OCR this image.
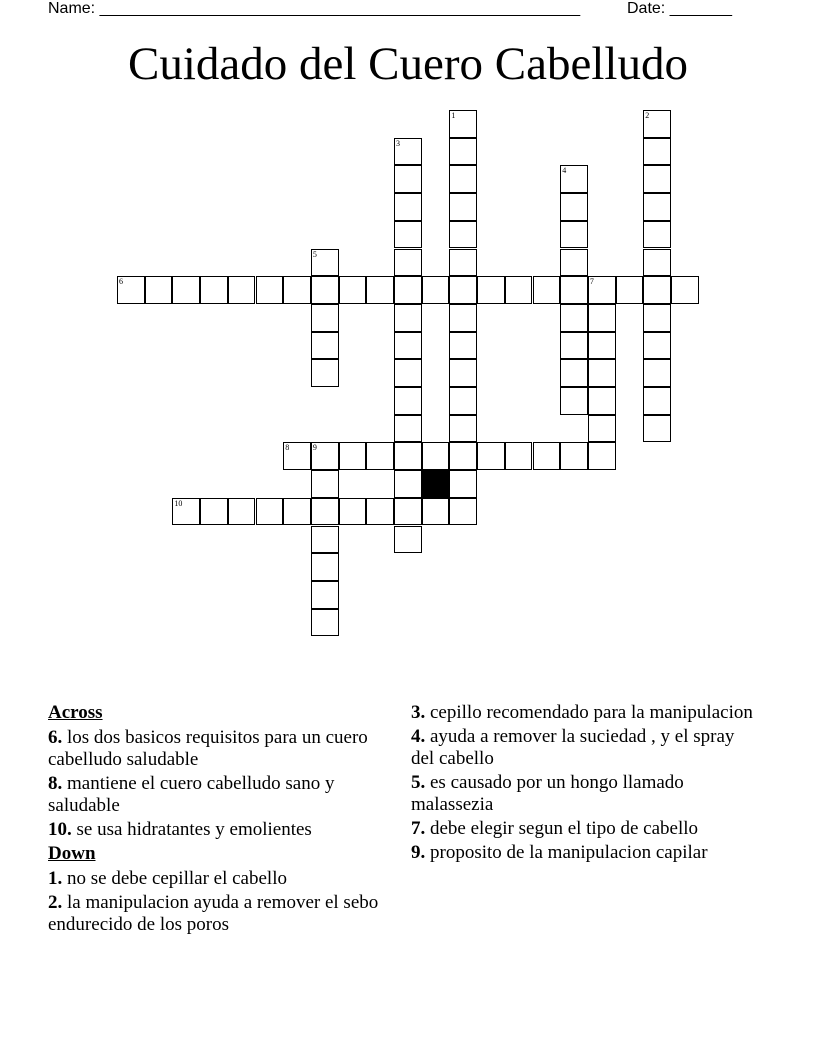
Name: ______________________________________________________	Date: _______
Cuidado del Cuero Cabelludo
1	2
3
4
5
6	7
8	9
10
Across
6. los dos basicos requisitos para un cuero cabelludo saludable
8. mantiene el cuero cabelludo sano y saludable
10. se usa hidratantes y emolientes
Down
1. no se debe cepillar el cabello
2. la manipulacion ayuda a remover el sebo endurecido de los poros
3. cepillo recomendado para la manipulacion
4. ayuda a remover la suciedad , y el spray del cabello
5. es causado por un hongo llamado malassezia
7. debe elegir segun el tipo de cabello
9. proposito de la manipulacion capilar
